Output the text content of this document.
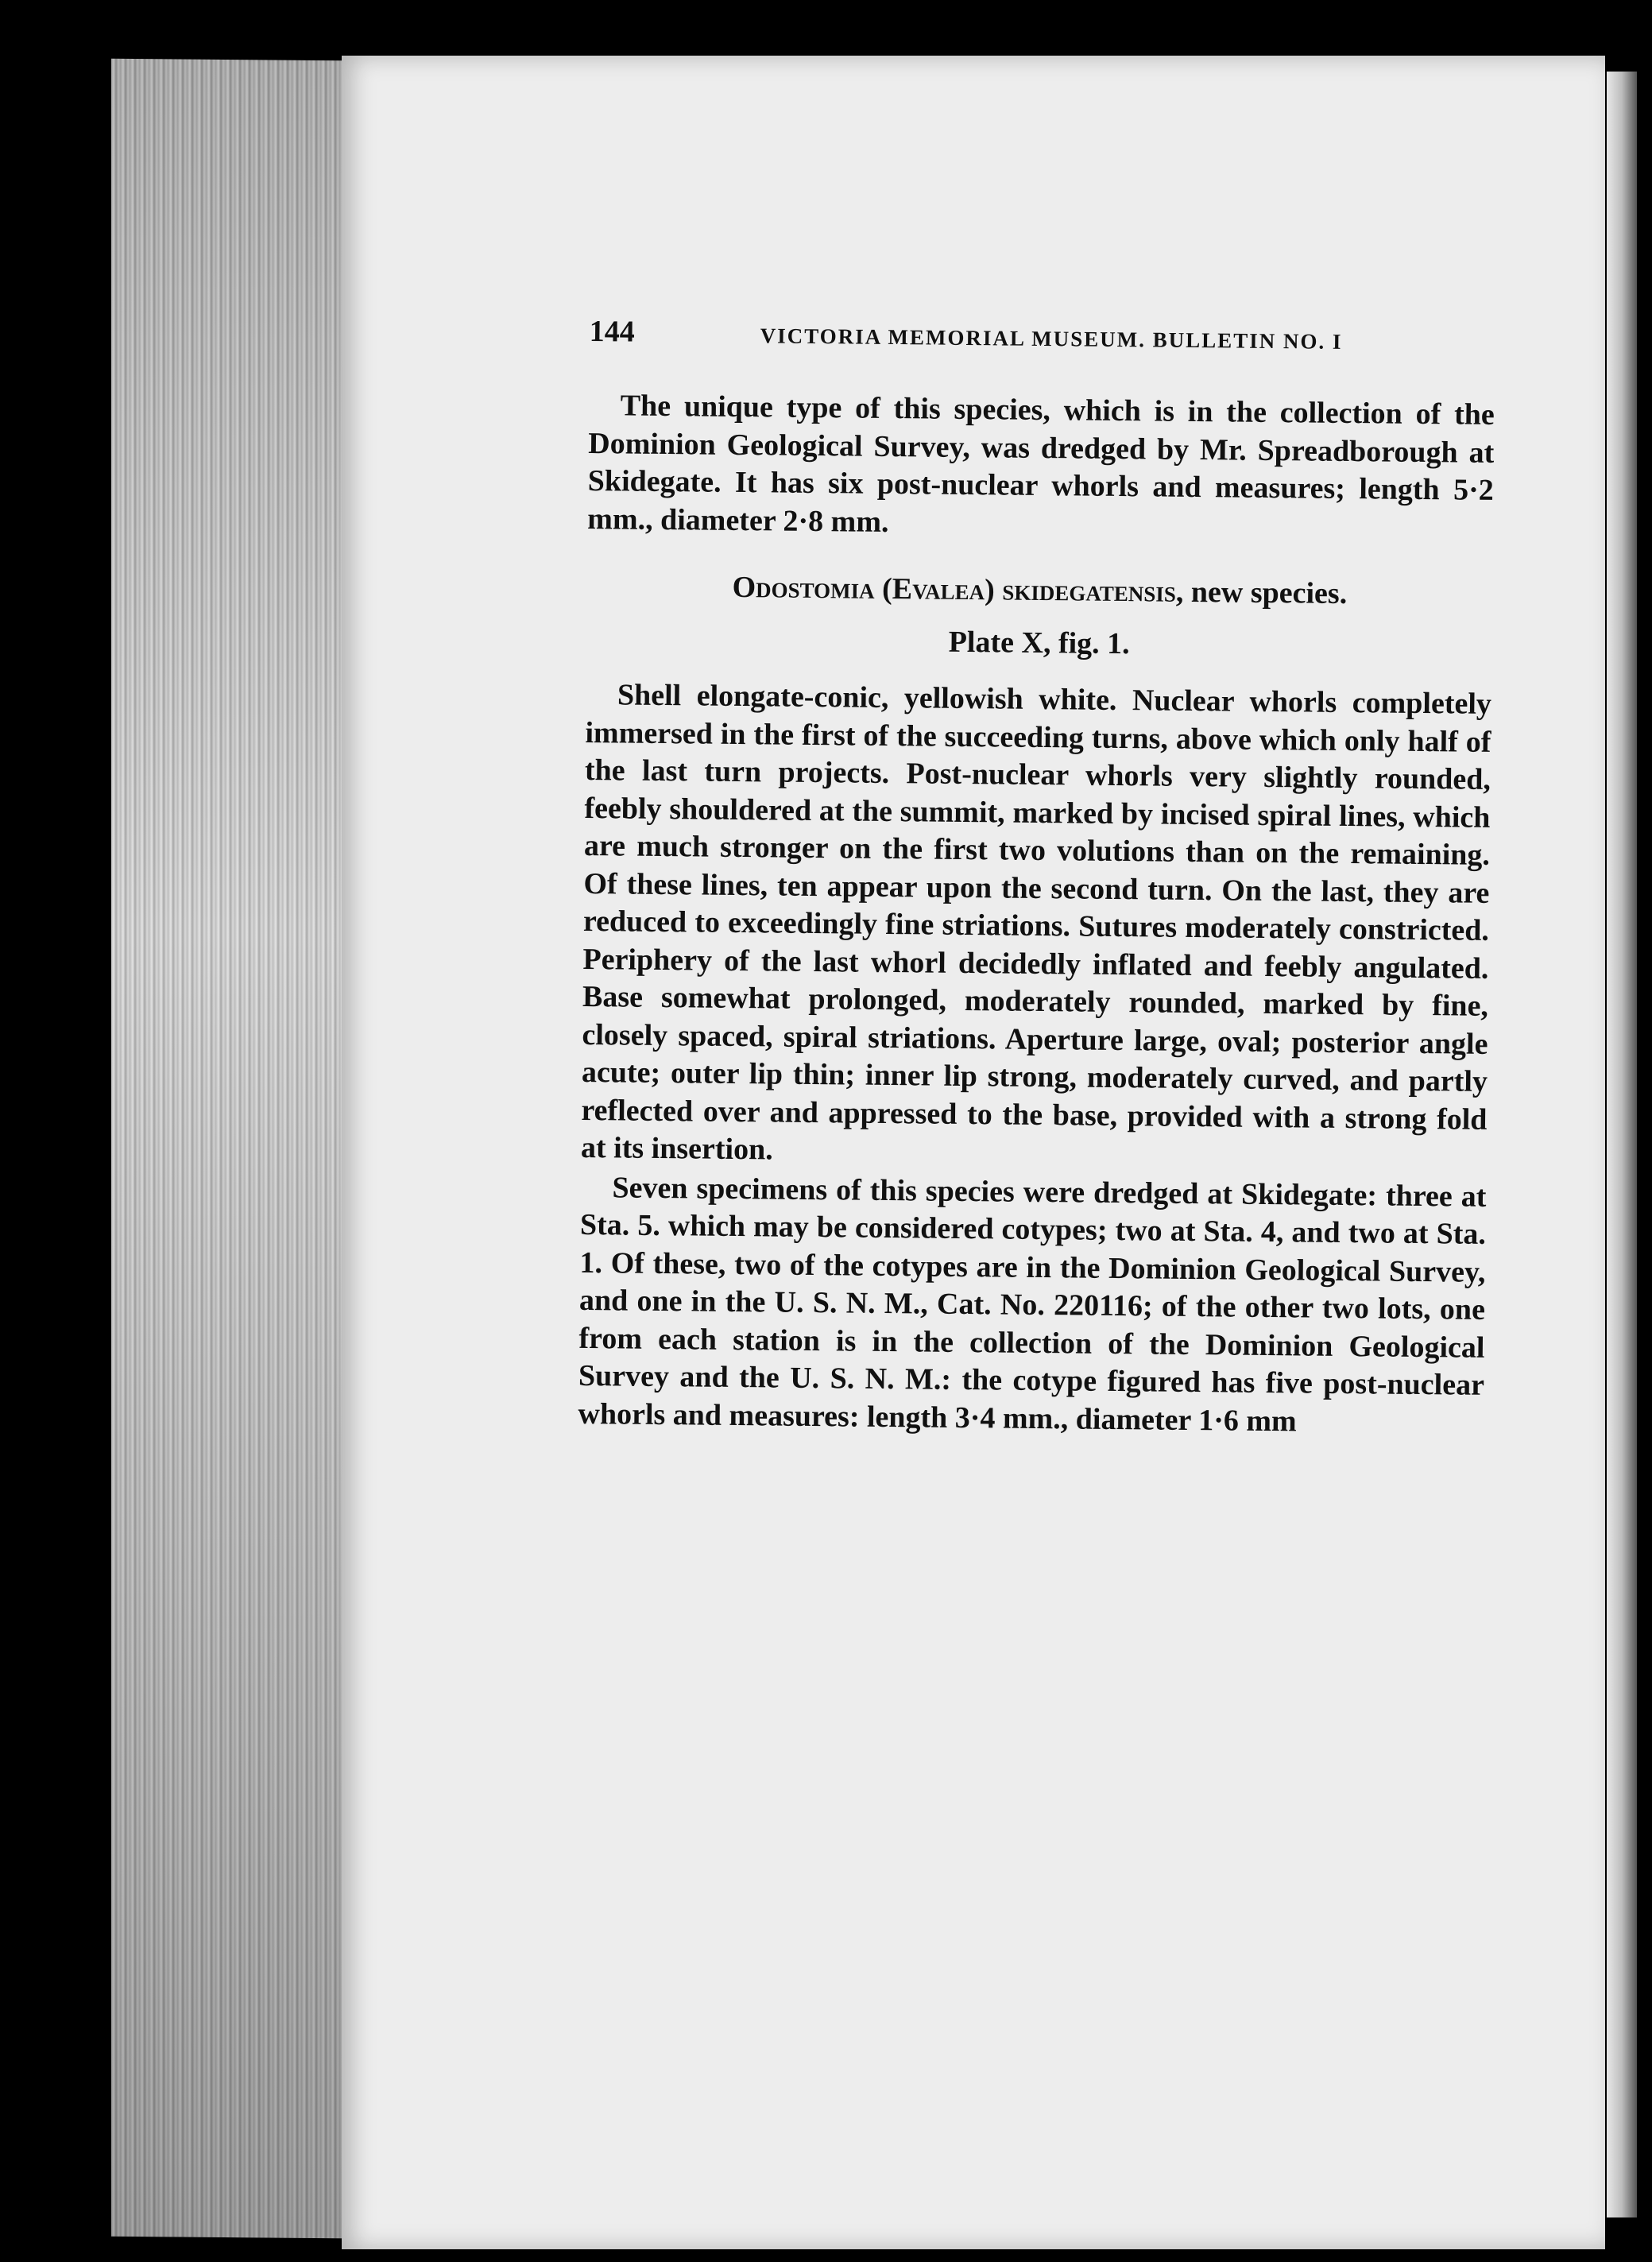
144	VICTORIA MEMORIAL MUSEUM. BULLETIN NO. I

The unique type of this species, which is in the collection of the Dominion Geological Survey, was dredged by Mr. Spreadborough at Skidegate. It has six post-nuclear whorls and measures; length 5·2 mm., diameter 2·8 mm.

Odostomia (Evalea) skidegatensis, new species.
Plate X, fig. 1.

Shell elongate-conic, yellowish white. Nuclear whorls completely immersed in the first of the succeeding turns, above which only half of the last turn projects. Post-nuclear whorls very slightly rounded, feebly shouldered at the summit, marked by incised spiral lines, which are much stronger on the first two volutions than on the remaining. Of these lines, ten appear upon the second turn. On the last, they are reduced to exceedingly fine striations. Sutures moderately constricted. Periphery of the last whorl decidedly inflated and feebly angulated. Base somewhat prolonged, moderately rounded, marked by fine, closely spaced, spiral striations. Aperture large, oval; posterior angle acute; outer lip thin; inner lip strong, moderately curved, and partly reflected over and appressed to the base, provided with a strong fold at its insertion.

Seven specimens of this species were dredged at Skidegate: three at Sta. 5. which may be considered cotypes; two at Sta. 4, and two at Sta. 1. Of these, two of the cotypes are in the Dominion Geological Survey, and one in the U. S. N. M., Cat. No. 220116; of the other two lots, one from each station is in the collection of the Dominion Geological Survey and the U. S. N. M.: the cotype figured has five post-nuclear whorls and measures: length 3·4 mm., diameter 1·6 mm
